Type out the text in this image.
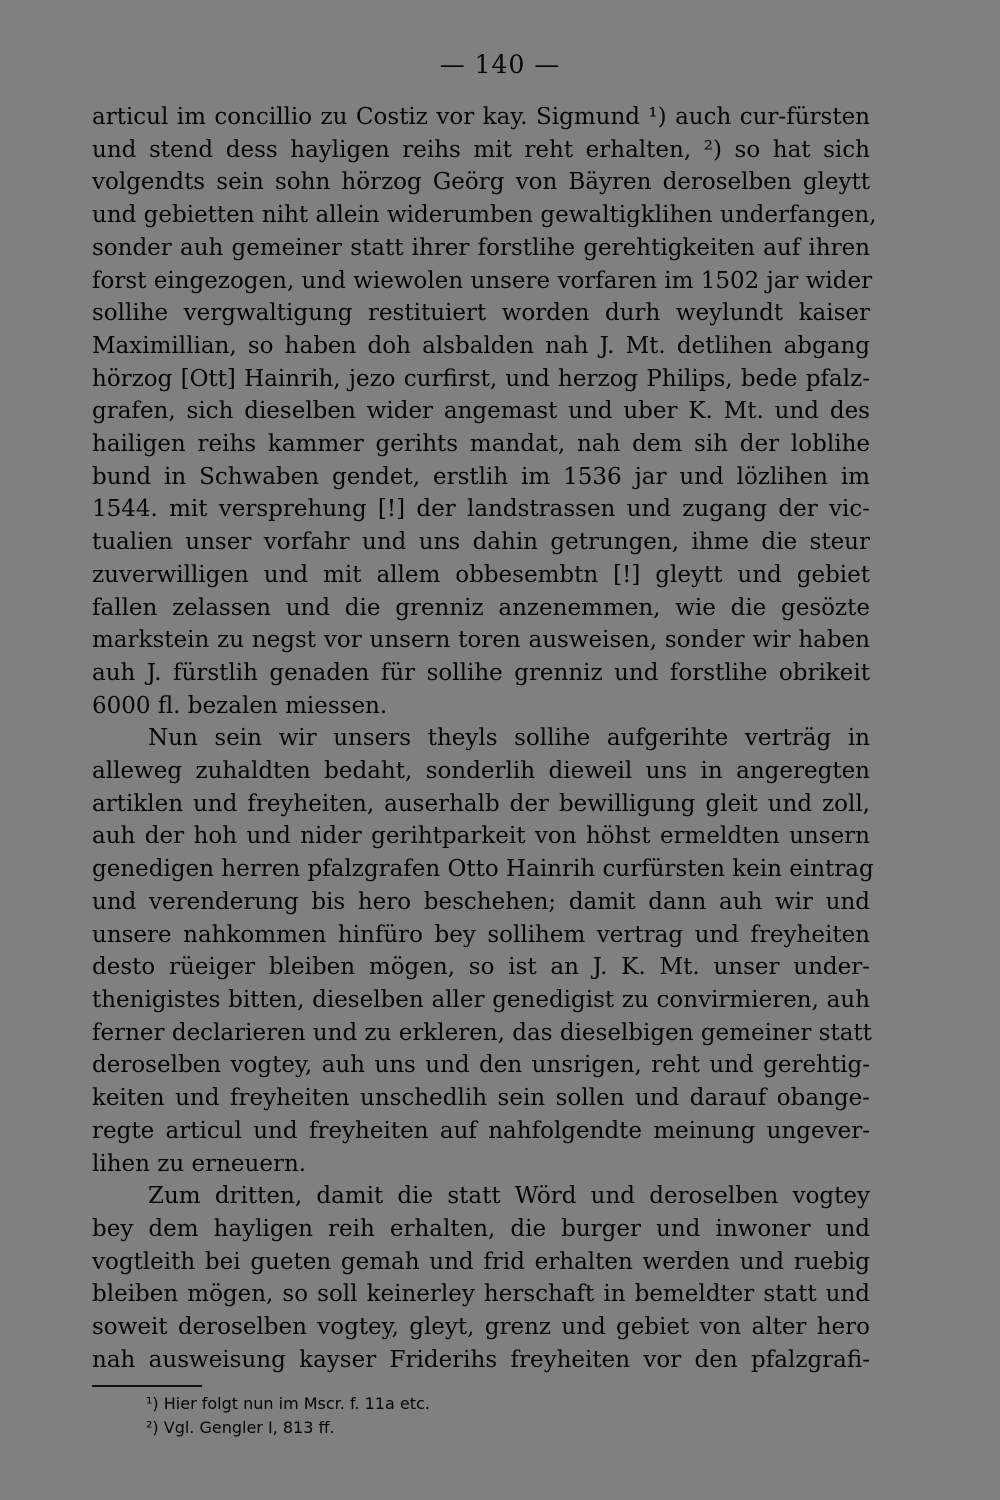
— 140 —

articul im concillio zu Costiz vor kay. Sigmund ¹) auch cur-fürsten
und stend dess hayligen reihs mit reht erhalten, ²) so hat sich
volgendts sein sohn hörzog Geörg von Bäyren deroselben gleytt
und gebietten niht allein widerumben gewaltigklihen underfangen,
sonder auh gemeiner statt ihrer forstlihe gerehtigkeiten auf ihren
forst eingezogen, und wiewolen unsere vorfaren im 1502 jar wider
sollihe vergwaltigung restituiert worden durh weylundt kaiser
Maximillian, so haben doh alsbalden nah J. Mt. detlihen abgang
hörzog [Ott] Hainrih, jezo curfirst, und herzog Philips, bede pfalz-
grafen, sich dieselben wider angemast und uber K. Mt. und des
hailigen reihs kammer gerihts mandat, nah dem sih der loblihe
bund in Schwaben gendet, erstlih im 1536 jar und lözlihen im
1544. mit versprehung [!] der landstrassen und zugang der vic-
tualien unser vorfahr und uns dahin getrungen, ihme die steur
zuverwilligen und mit allem obbesembtn [!] gleytt und gebiet
fallen zelassen und die grenniz anzenemmen, wie die gesözte
markstein zu negst vor unsern toren ausweisen, sonder wir haben
auh J. fürstlih genaden für sollihe grenniz und forstlihe obrikeit
6000 fl. bezalen miessen.

Nun sein wir unsers theyls sollihe aufgerihte verträg in
alleweg zuhaldten bedaht, sonderlih dieweil uns in angeregten
artiklen und freyheiten, auserhalb der bewilligung gleit und zoll,
auh der hoh und nider gerihtparkeit von höhst ermeldten unsern
genedigen herren pfalzgrafen Otto Hainrih curfürsten kein eintrag
und verenderung bis hero beschehen; damit dann auh wir und
unsere nahkommen hinfüro bey sollihem vertrag und freyheiten
desto rüeiger bleiben mögen, so ist an J. K. Mt. unser under-
thenigistes bitten, dieselben aller genedigist zu convirmieren, auh
ferner declarieren und zu erkleren, das dieselbigen gemeiner statt
deroselben vogtey, auh uns und den unsrigen, reht und gerehtig-
keiten und freyheiten unschedlih sein sollen und darauf obange-
regte articul und freyheiten auf nahfolgendte meinung ungever-
lihen zu erneuern.

Zum dritten, damit die statt Wörd und deroselben vogtey
bey dem hayligen reih erhalten, die burger und inwoner und
vogtleith bei gueten gemah und frid erhalten werden und ruebig
bleiben mögen, so soll keinerley herschaft in bemeldter statt und
soweit deroselben vogtey, gleyt, grenz und gebiet von alter hero
nah ausweisung kayser Friderihs freyheiten vor den pfalzgrafi-

¹) Hier folgt nun im Mscr. f. 11a etc.
²) Vgl. Gengler I, 813 ff.
